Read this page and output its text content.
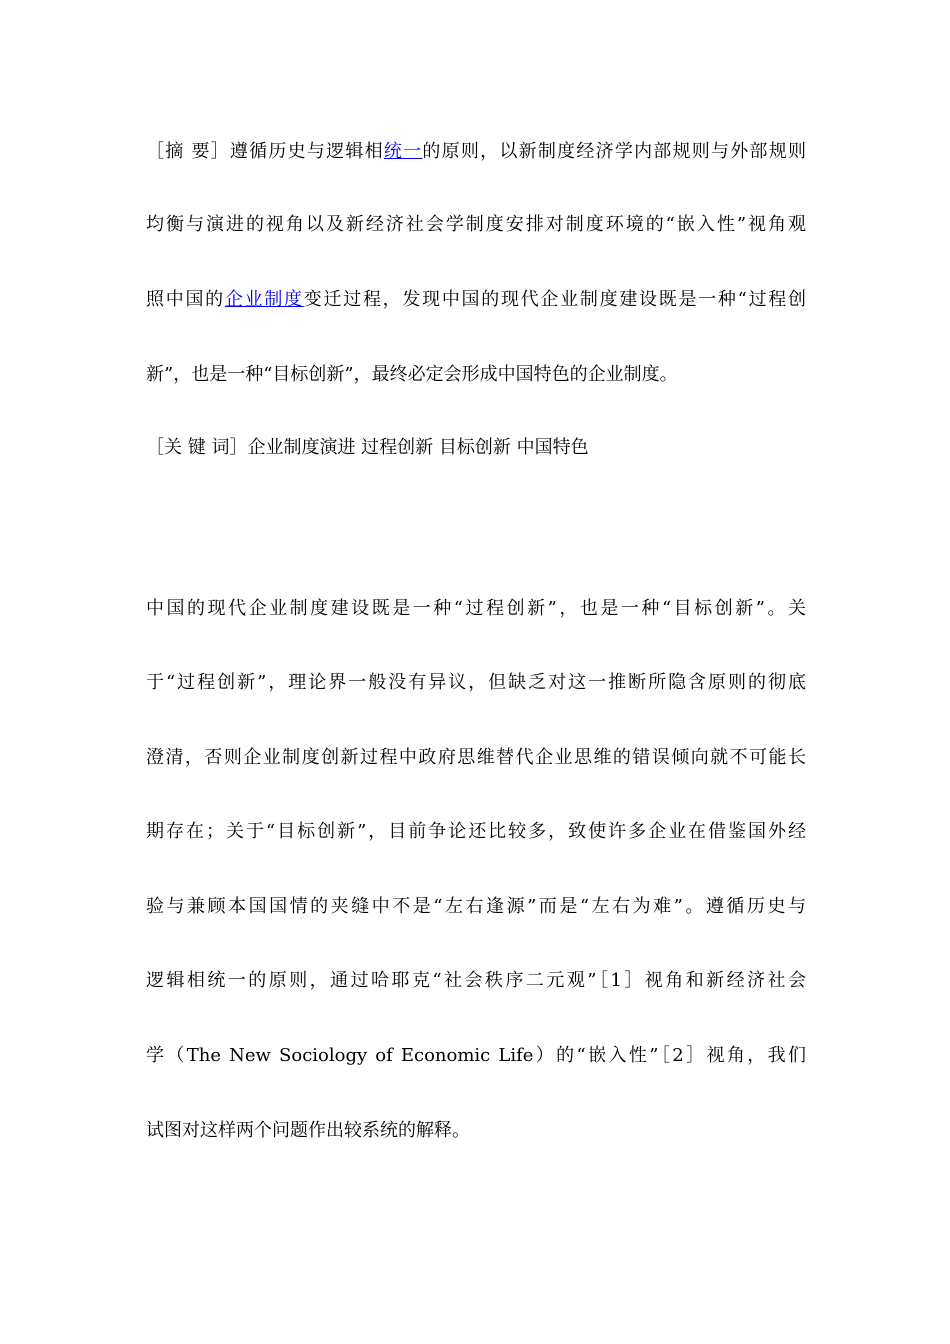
［摘 要］遵循历史与逻辑相统一的原则，以新制度经济学内部规则与外部规则
均衡与演进的视角以及新经济社会学制度安排对制度环境的“嵌入性”视角观
照中国的企业制度变迁过程，发现中国的现代企业制度建设既是一种“过程创
新”，也是一种“目标创新”，最终必定会形成中国特色的企业制度。
［关 键 词］企业制度演进 过程创新 目标创新 中国特色
中国的现代企业制度建设既是一种“过程创新”，也是一种“目标创新”。关
于“过程创新”，理论界一般没有异议，但缺乏对这一推断所隐含原则的彻底
澄清，否则企业制度创新过程中政府思维替代企业思维的错误倾向就不可能长
期存在；关于“目标创新”，目前争论还比较多，致使许多企业在借鉴国外经
验与兼顾本国国情的夹缝中不是“左右逢源”而是“左右为难”。遵循历史与
逻辑相统一的原则，通过哈耶克“社会秩序二元观”［1］视角和新经济社会
学（The New Sociology of Economic Life）的“嵌入性”［2］视角，我们
试图对这样两个问题作出较系统的解释。
